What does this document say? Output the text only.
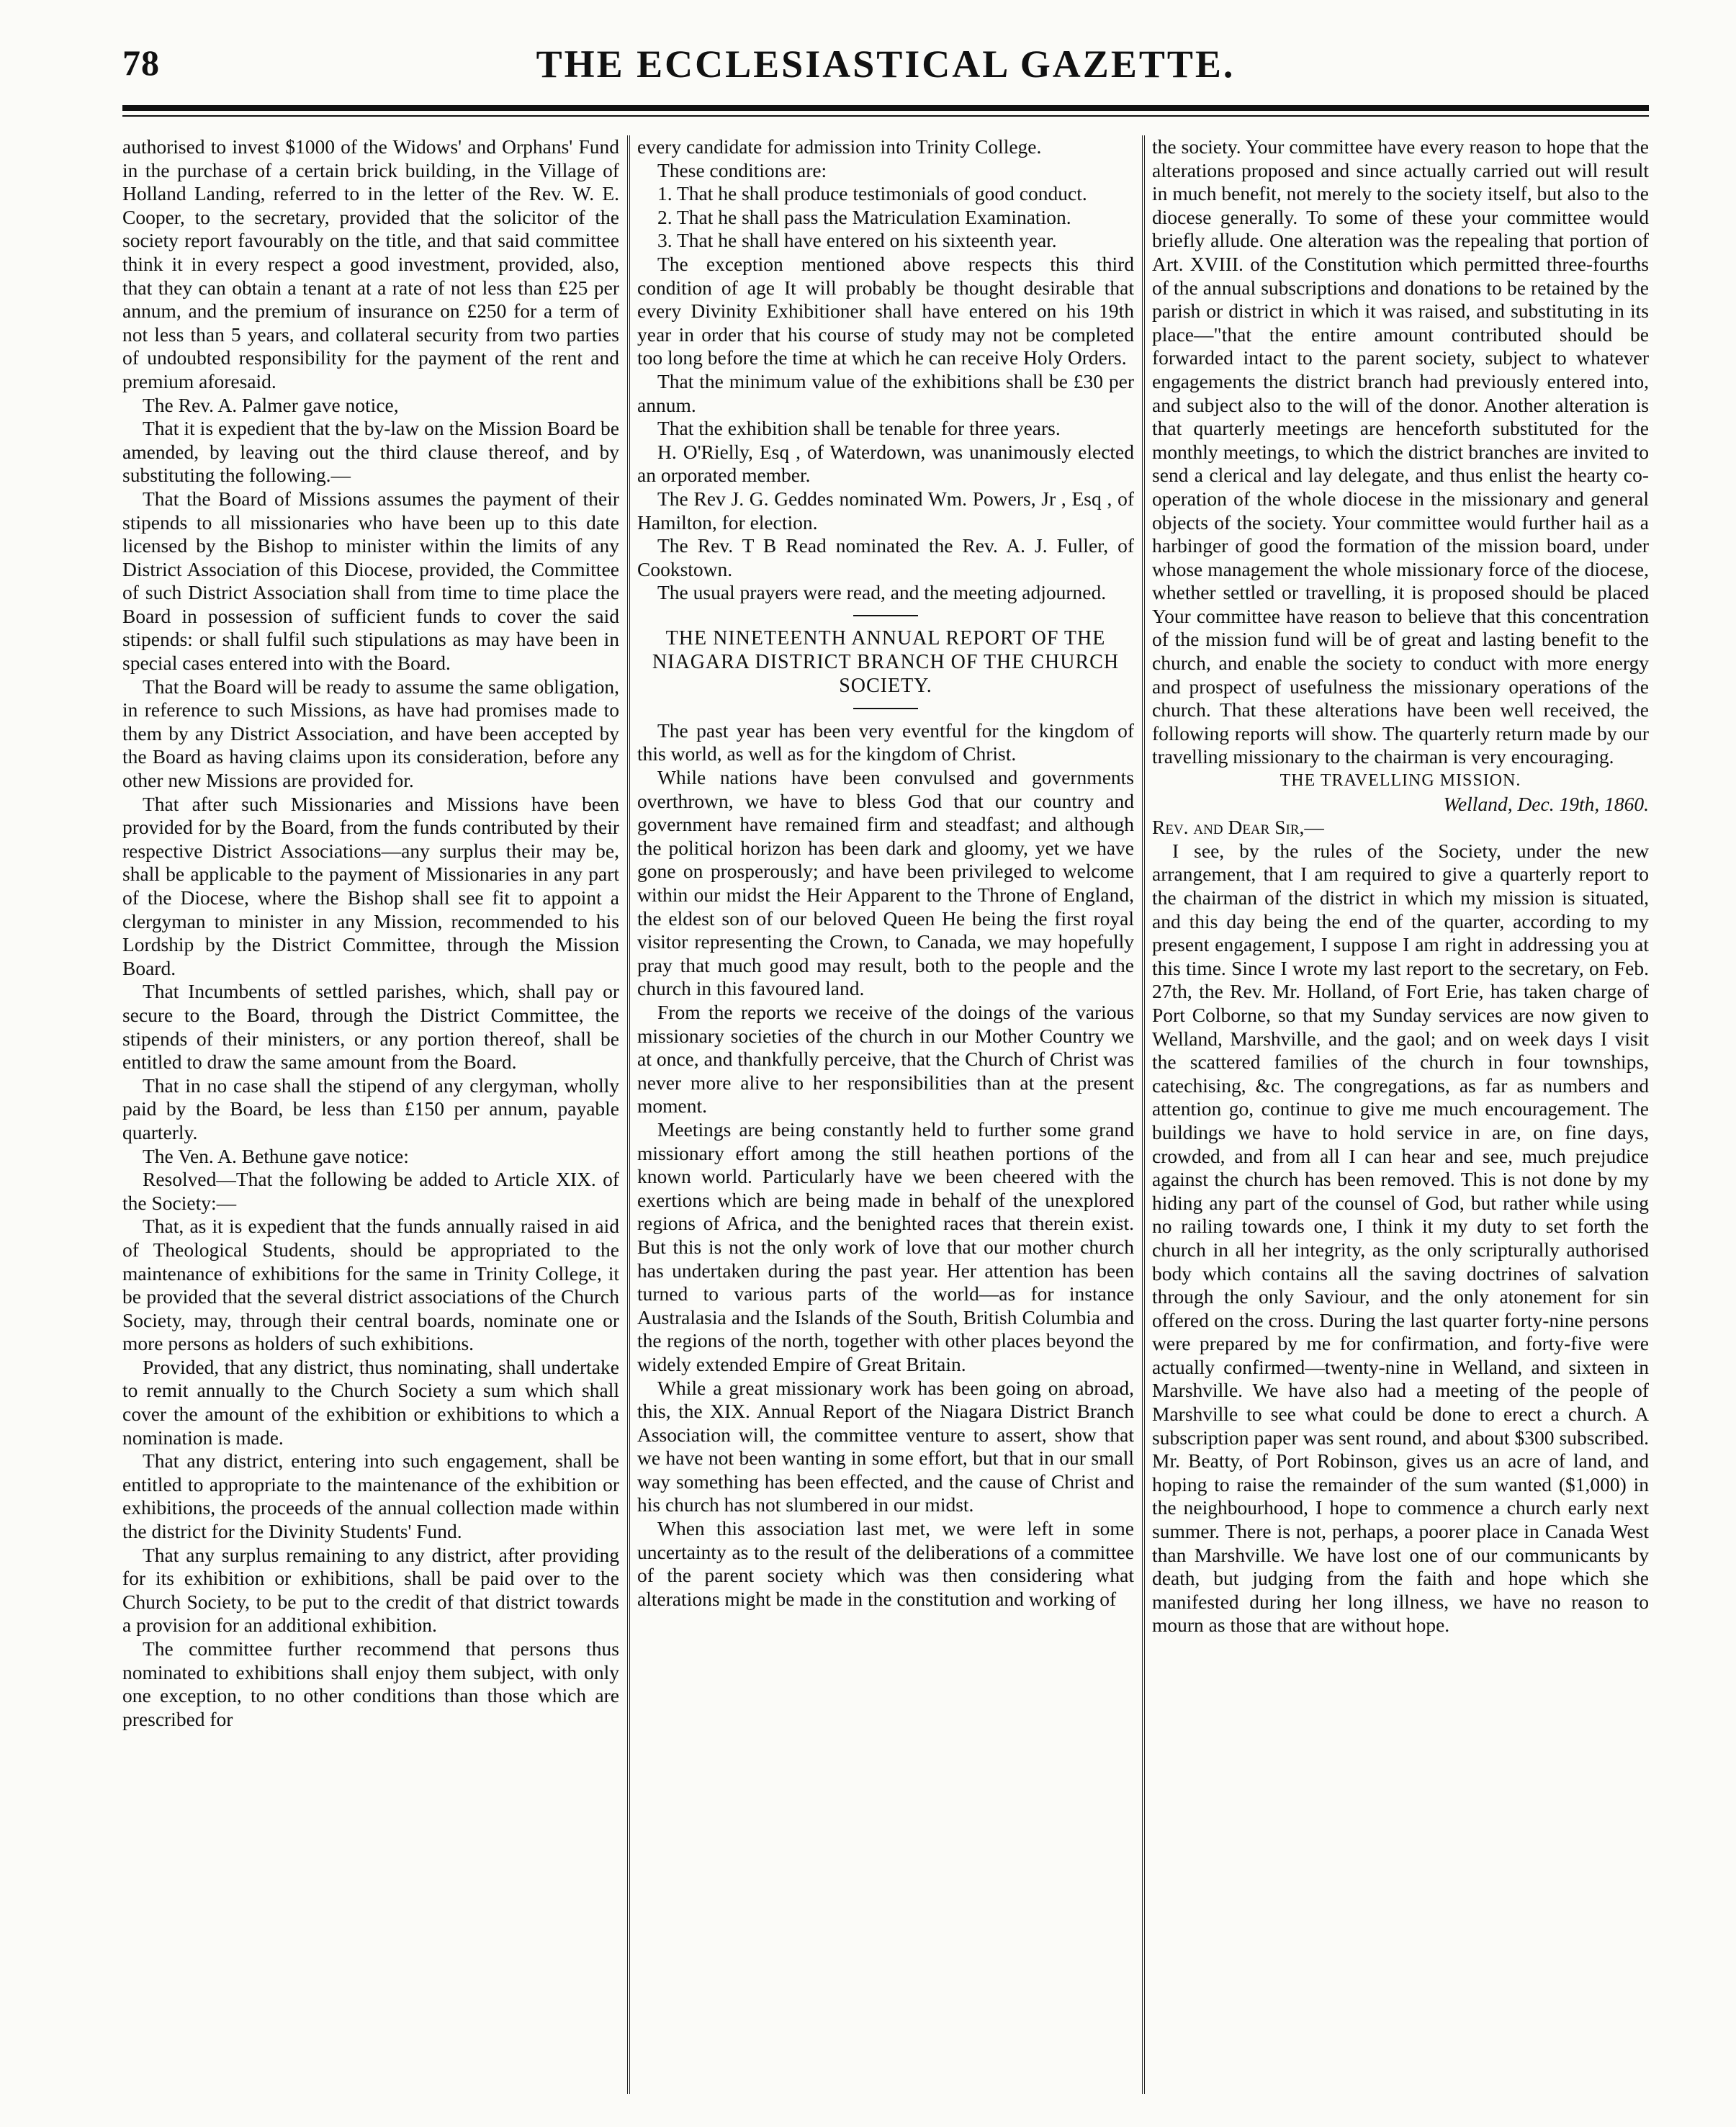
78	THE ECCLESIASTICAL GAZETTE.

authorised to invest $1000 of the Widows' and Orphans' Fund in the purchase of a certain brick building, in the Village of Holland Landing, referred to in the letter of the Rev. W. E. Cooper, to the secretary, provided that the solicitor of the society report favourably on the title, and that said committee think it in every respect a good investment, provided, also, that they can obtain a tenant at a rate of not less than £25 per annum, and the premium of insurance on £250 for a term of not less than 5 years, and collateral security from two parties of undoubted responsibility for the payment of the rent and premium aforesaid.

The Rev. A. Palmer gave notice,

That it is expedient that the by-law on the Mission Board be amended, by leaving out the third clause thereof, and by substituting the following.—

That the Board of Missions assumes the payment of their stipends to all missionaries who have been up to this date licensed by the Bishop to minister within the limits of any District Association of this Diocese, provided, the Committee of such District Association shall from time to time place the Board in possession of sufficient funds to cover the said stipends: or shall fulfil such stipulations as may have been in special cases entered into with the Board.

That the Board will be ready to assume the same obligation, in reference to such Missions, as have had promises made to them by any District Association, and have been accepted by the Board as having claims upon its consideration, before any other new Missions are provided for.

That after such Missionaries and Missions have been provided for by the Board, from the funds contributed by their respective District Associations—any surplus their may be, shall be applicable to the payment of Missionaries in any part of the Diocese, where the Bishop shall see fit to appoint a clergyman to minister in any Mission, recommended to his Lordship by the District Committee, through the Mission Board.

That Incumbents of settled parishes, which, shall pay or secure to the Board, through the District Committee, the stipends of their ministers, or any portion thereof, shall be entitled to draw the same amount from the Board.

That in no case shall the stipend of any clergyman, wholly paid by the Board, be less than £150 per annum, payable quarterly.

The Ven. A. Bethune gave notice:

Resolved—That the following be added to Article XIX. of the Society:—

That, as it is expedient that the funds annually raised in aid of Theological Students, should be appropriated to the maintenance of exhibitions for the same in Trinity College, it be provided that the several district associations of the Church Society, may, through their central boards, nominate one or more persons as holders of such exhibitions.

Provided, that any district, thus nominating, shall undertake to remit annually to the Church Society a sum which shall cover the amount of the exhibition or exhibitions to which a nomination is made.

That any district, entering into such engagement, shall be entitled to appropriate to the maintenance of the exhibition or exhibitions, the proceeds of the annual collection made within the district for the Divinity Students' Fund.

That any surplus remaining to any district, after providing for its exhibition or exhibitions, shall be paid over to the Church Society, to be put to the credit of that district towards a provision for an additional exhibition.

The committee further recommend that persons thus nominated to exhibitions shall enjoy them subject, with only one exception, to no other conditions than those which are prescribed for

every candidate for admission into Trinity College.

These conditions are:

1. That he shall produce testimonials of good conduct.

2. That he shall pass the Matriculation Examination.

3. That he shall have entered on his sixteenth year.

The exception mentioned above respects this third condition of age It will probably be thought desirable that every Divinity Exhibitioner shall have entered on his 19th year in order that his course of study may not be completed too long before the time at which he can receive Holy Orders.

That the minimum value of the exhibitions shall be £30 per annum.

That the exhibition shall be tenable for three years.

H. O'Rielly, Esq , of Waterdown, was unanimously elected an orporated member.

The Rev J. G. Geddes nominated Wm. Powers, Jr , Esq , of Hamilton, for election.

The Rev. T B Read nominated the Rev. A. J. Fuller, of Cookstown.

The usual prayers were read, and the meeting adjourned.

THE NINETEENTH ANNUAL REPORT OF THE NIAGARA DISTRICT BRANCH OF THE CHURCH SOCIETY.

The past year has been very eventful for the kingdom of this world, as well as for the kingdom of Christ.

While nations have been convulsed and governments overthrown, we have to bless God that our country and government have remained firm and steadfast; and although the political horizon has been dark and gloomy, yet we have gone on prosperously; and have been privileged to welcome within our midst the Heir Apparent to the Throne of England, the eldest son of our beloved Queen He being the first royal visitor representing the Crown, to Canada, we may hopefully pray that much good may result, both to the people and the church in this favoured land.

From the reports we receive of the doings of the various missionary societies of the church in our Mother Country we at once, and thankfully perceive, that the Church of Christ was never more alive to her responsibilities than at the present moment.

Meetings are being constantly held to further some grand missionary effort among the still heathen portions of the known world. Particularly have we been cheered with the exertions which are being made in behalf of the unexplored regions of Africa, and the benighted races that therein exist. But this is not the only work of love that our mother church has undertaken during the past year. Her attention has been turned to various parts of the world—as for instance Australasia and the Islands of the South, British Columbia and the regions of the north, together with other places beyond the widely extended Empire of Great Britain.

While a great missionary work has been going on abroad, this, the XIX. Annual Report of the Niagara District Branch Association will, the committee venture to assert, show that we have not been wanting in some effort, but that in our small way something has been effected, and the cause of Christ and his church has not slumbered in our midst.

When this association last met, we were left in some uncertainty as to the result of the deliberations of a committee of the parent society which was then considering what alterations might be made in the constitution and working of

the society. Your committee have every reason to hope that the alterations proposed and since actually carried out will result in much benefit, not merely to the society itself, but also to the diocese generally. To some of these your committee would briefly allude. One alteration was the repealing that portion of Art. XVIII. of the Constitution which permitted three-fourths of the annual subscriptions and donations to be retained by the parish or district in which it was raised, and substituting in its place—"that the entire amount contributed should be forwarded intact to the parent society, subject to whatever engagements the district branch had previously entered into, and subject also to the will of the donor. Another alteration is that quarterly meetings are henceforth substituted for the monthly meetings, to which the district branches are invited to send a clerical and lay delegate, and thus enlist the hearty co-operation of the whole diocese in the missionary and general objects of the society. Your committee would further hail as a harbinger of good the formation of the mission board, under whose management the whole missionary force of the diocese, whether settled or travelling, it is proposed should be placed Your committee have reason to believe that this concentration of the mission fund will be of great and lasting benefit to the church, and enable the society to conduct with more energy and prospect of usefulness the missionary operations of the church. That these alterations have been well received, the following reports will show. The quarterly return made by our travelling missionary to the chairman is very encouraging.

THE TRAVELLING MISSION.

Welland, Dec. 19th, 1860.

Rev. and Dear Sir,—

I see, by the rules of the Society, under the new arrangement, that I am required to give a quarterly report to the chairman of the district in which my mission is situated, and this day being the end of the quarter, according to my present engagement, I suppose I am right in addressing you at this time. Since I wrote my last report to the secretary, on Feb. 27th, the Rev. Mr. Holland, of Fort Erie, has taken charge of Port Colborne, so that my Sunday services are now given to Welland, Marshville, and the gaol; and on week days I visit the scattered families of the church in four townships, catechising, &c. The congregations, as far as numbers and attention go, continue to give me much encouragement. The buildings we have to hold service in are, on fine days, crowded, and from all I can hear and see, much prejudice against the church has been removed. This is not done by my hiding any part of the counsel of God, but rather while using no railing towards one, I think it my duty to set forth the church in all her integrity, as the only scripturally authorised body which contains all the saving doctrines of salvation through the only Saviour, and the only atonement for sin offered on the cross. During the last quarter forty-nine persons were prepared by me for confirmation, and forty-five were actually confirmed—twenty-nine in Welland, and sixteen in Marshville. We have also had a meeting of the people of Marshville to see what could be done to erect a church. A subscription paper was sent round, and about $300 subscribed. Mr. Beatty, of Port Robinson, gives us an acre of land, and hoping to raise the remainder of the sum wanted ($1,000) in the neighbourhood, I hope to commence a church early next summer. There is not, perhaps, a poorer place in Canada West than Marshville. We have lost one of our communicants by death, but judging from the faith and hope which she manifested during her long illness, we have no reason to mourn as those that are without hope.
